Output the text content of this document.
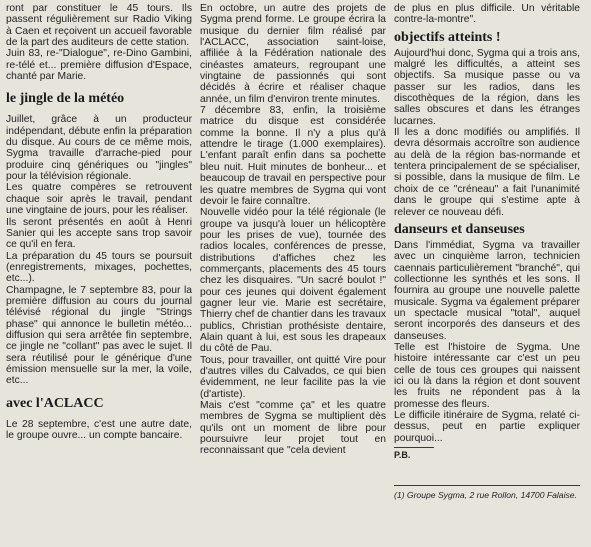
ront par constituer le 45 tours. Ils passent régulièrement sur Radio Viking à Caen et reçoivent un accueil favorable de la part des auditeurs de cette station.

Juin 83, re-"Dialogue", re-Dino Gambini, re-télé et... première diffusion d'Espace, chanté par Marie.

le jingle de la météo

Juillet, grâce à un producteur indépendant, débute enfin la préparation du disque. Au cours de ce même mois, Sygma travaille d'arrache-pied pour produire cinq génériques ou "jingles" pour la télévision régionale.

Les quatre compères se retrouvent chaque soir après le travail, pendant une vingtaine de jours, pour les réaliser.

Ils seront présentés en août à Henri Sanier qui les accepte sans trop savoir ce qu'il en fera.

La préparation du 45 tours se poursuit (enregistrements, mixages, pochettes, etc...).

Champagne, le 7 septembre 83, pour la première diffusion au cours du journal télévisé régional du jingle "Strings phase" qui annonce le bulletin météo... diffusion qui sera arrêtée fin septembre, ce jingle ne "collant" pas avec le sujet. Il sera réutilisé pour le générique d'une émission mensuelle sur la mer, la voile, etc...

avec l'ACLACC

Le 28 septembre, c'est une autre date, le groupe ouvre... un compte bancaire.

En octobre, un autre des projets de Sygma prend forme. Le groupe écrira la musique du dernier film réalisé par l'ACLACC, association saint-loise, affiliée à la Fédération nationale des cinéastes amateurs, regroupant une vingtaine de passionnés qui sont décidés à écrire et réaliser chaque année, un film d'environ trente minutes.

7 décembre 83, enfin, la troisième matrice du disque est considérée comme la bonne. Il n'y a plus qu'à attendre le tirage (1.000 exemplaires). L'enfant paraît enfin dans sa pochette bleu nuit. Huit minutes de bonheur... et beaucoup de travail en perspective pour les quatre membres de Sygma qui vont devoir le faire connaître.

Nouvelle vidéo pour la télé régionale (le groupe va jusqu'à louer un hélicoptère pour les prises de vue), tournée des radios locales, conférences de presse, distributions d'affiches chez les commerçants, placements des 45 tours chez les disquaires. "Un sacré boulot !" pour ces jeunes qui doivent également gagner leur vie. Marie est secrétaire, Thierry chef de chantier dans les travaux publics, Christian prothésiste dentaire, Alain quant à lui, est sous les drapeaux du côté de Pau.

Tous, pour travailler, ont quitté Vire pour d'autres villes du Calvados, ce qui bien évidemment, ne leur facilite pas la vie (d'artiste).

Mais c'est "comme ça" et les quatre membres de Sygma se multiplient dès qu'ils ont un moment de libre pour poursuivre leur projet tout en reconnaissant que "cela devient

de plus en plus difficile. Un véritable contre-la-montre".

objectifs atteints !

Aujourd'hui donc, Sygma qui a trois ans, malgré les difficultés, a atteint ses objectifs. Sa musique passe ou va passer sur les radios, dans les discothèques de la région, dans les salles obscures et dans les étranges lucarnes.

Il les a donc modifiés ou amplifiés. Il devra désormais accroître son audience au delà de la région bas-normande et tentera principalement de se spécialiser, si possible, dans la musique de film. Le choix de ce "créneau" a fait l'unanimité dans le groupe qui s'estime apte à relever ce nouveau défi.

danseurs et danseuses

Dans l'immédiat, Sygma va travailler avec un cinquième larron, technicien caennais particulièrement "branché", qui collectionne les synthés et les sons. Il fournira au groupe une nouvelle palette musicale. Sygma va également préparer un spectacle musical "total", auquel seront incorporés des danseurs et des danseuses.

Telle est l'histoire de Sygma. Une histoire intéressante car c'est un peu celle de tous ces groupes qui naissent ici ou là dans la région et dont souvent les fruits ne répondent pas à la promesse des fleurs.

Le difficile itinéraire de Sygma, relaté ci-dessus, peut en partie expliquer pourquoi...

P.B.

(1) Groupe Sygma, 2 rue Rollon, 14700 Falaise.
